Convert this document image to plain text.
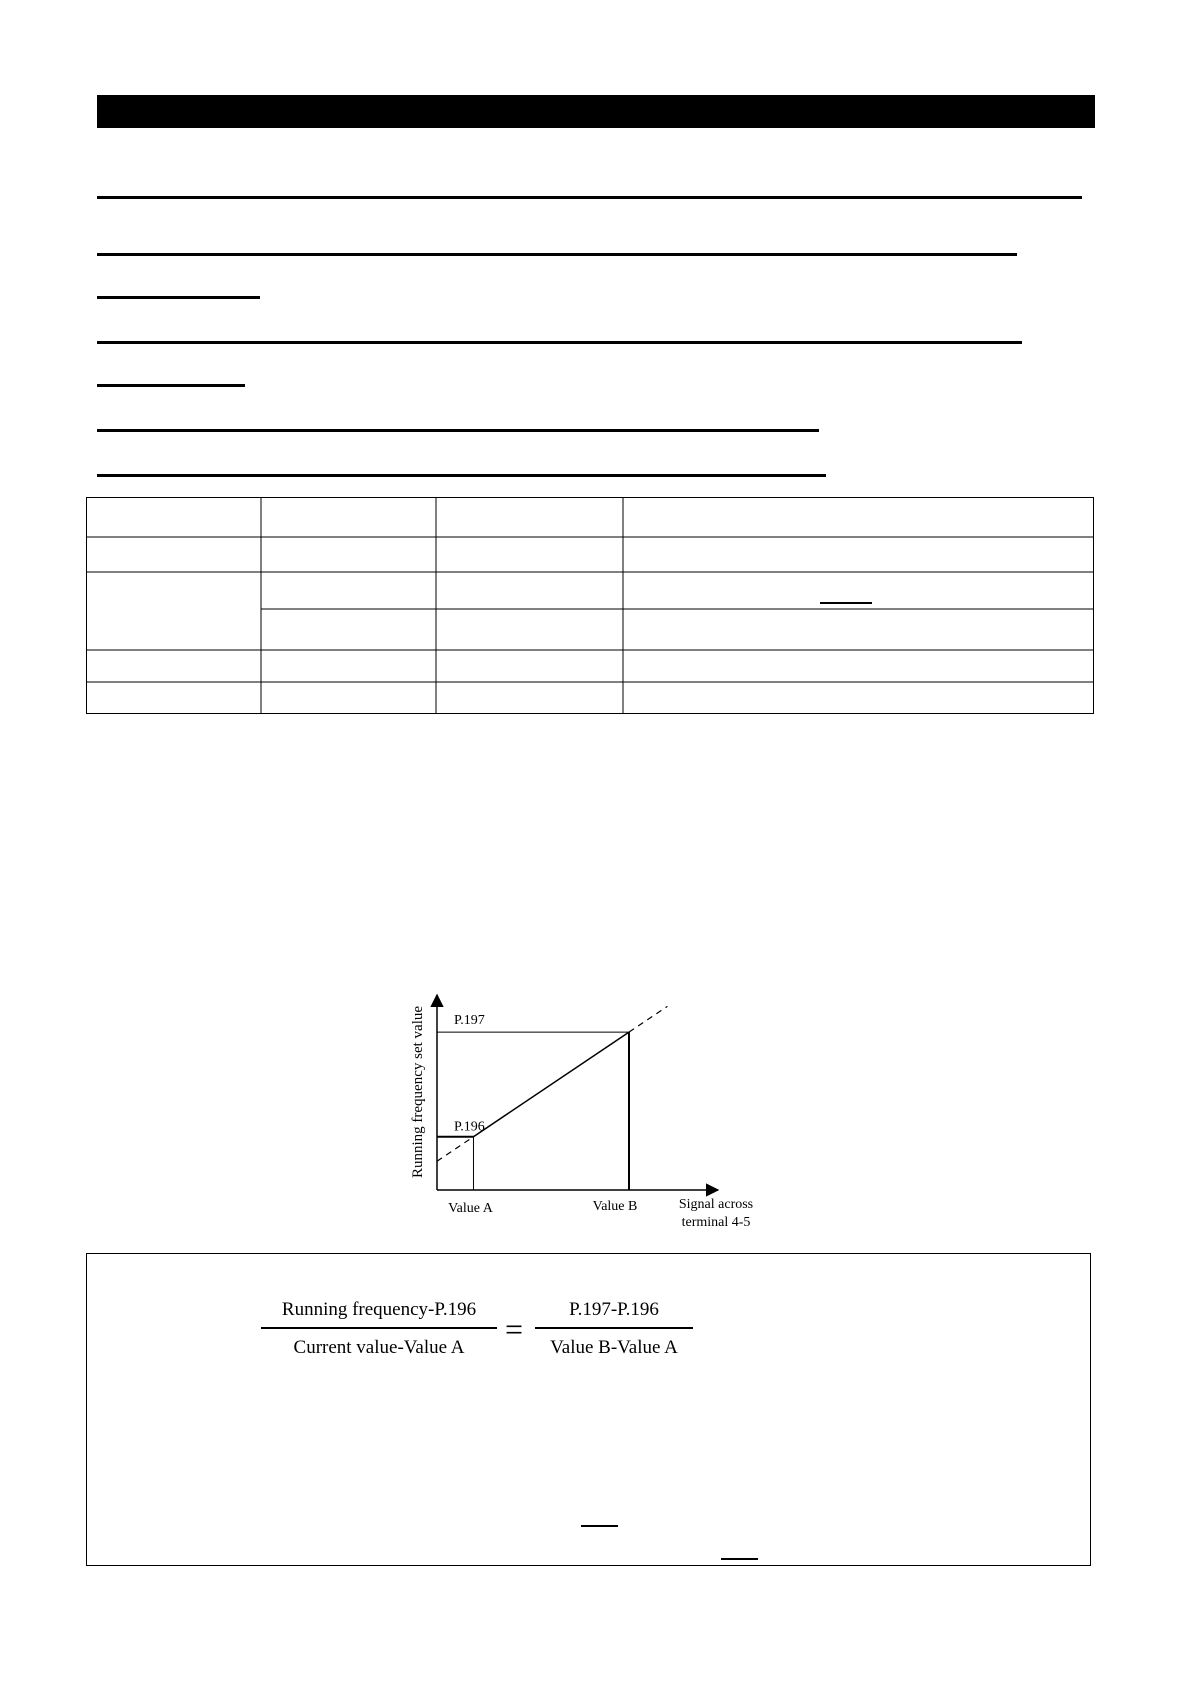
Value A	Value B
P.196
P.197
Running frequency set value
Signal across
terminal 4-5
Running frequency-P.196
Current value-Value A
=
P.197-P.196
Value B-Value A
